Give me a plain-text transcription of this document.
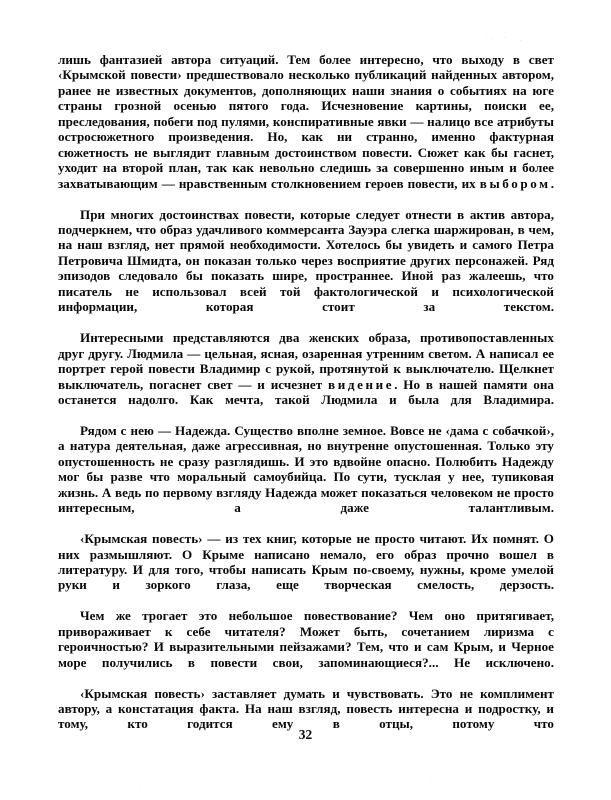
лишь фантазией автора ситуаций. Тем более интересно, что выходу в свет ‹Крымской повести› предшествовало несколько публикаций найденных автором, ранее не известных документов, дополняющих наши знания о событиях на юге страны грозной осенью пятого года. Исчезновение картины, поиски ее, преследования, побеги под пулями, конспиративные явки — налицо все атрибуты остросюжетного произведения. Но, как ни странно, именно фактурная сюжетность не выглядит главным достоинством повести. Сюжет как бы гаснет, уходит на второй план, так как невольно следишь за совершенно иным и более захватывающим — нравственным столкновением героев повести, их выбором.

При многих достоинствах повести, которые следует отнести в актив автора, подчеркнем, что образ удачливого коммерсанта Зауэра слегка шаржирован, в чем, на наш взгляд, нет прямой необходимости. Хотелось бы увидеть и самого Петра Петровича Шмидта, он показан только через восприятие других персонажей. Ряд эпизодов следовало бы показать шире, пространнее. Иной раз жалеешь, что писатель не использовал всей той фактологической и психологической информации, которая стоит за текстом.

Интересными представляются два женских образа, противопоставленных друг другу. Людмила — цельная, ясная, озаренная утренним светом. А написал ее портрет герой повести Владимир с рукой, протянутой к выключателю. Щелкнет выключатель, погаснет свет — и исчезнет видение. Но в нашей памяти она останется надолго. Как мечта, такой Людмила и была для Владимира.

Рядом с нею — Надежда. Существо вполне земное. Вовсе не ‹дама с собачкой›, а натура деятельная, даже агрессивная, но внутренне опустошенная. Только эту опустошенность не сразу разглядишь. И это вдвойне опасно. Полюбить Надежду мог бы разве что моральный самоубийца. По сути, тусклая у нее, тупиковая жизнь. А ведь по первому взгляду Надежда может показаться человеком не просто интересным, а даже талантливым.

‹Крымская повесть› — из тех книг, которые не просто читают. Их помнят. О них размышляют. О Крыме написано немало, его образ прочно вошел в литературу. И для того, чтобы написать Крым по-своему, нужны, кроме умелой руки и зоркого глаза, еще творческая смелость, дерзость.

Чем же трогает это небольшое повествование? Чем оно притягивает, привораживает к себе читателя? Может быть, сочетанием лиризма с героичностью? И выразительными пейзажами? Тем, что и сам Крым, и Черное море получились в повести свои, запоминающиеся?... Не исключено.

‹Крымская повесть› заставляет думать и чувствовать. Это не комплимент автору, а констатация факта. На наш взгляд, повесть интересна и подростку, и тому, кто годится ему в отцы, потому что

32
